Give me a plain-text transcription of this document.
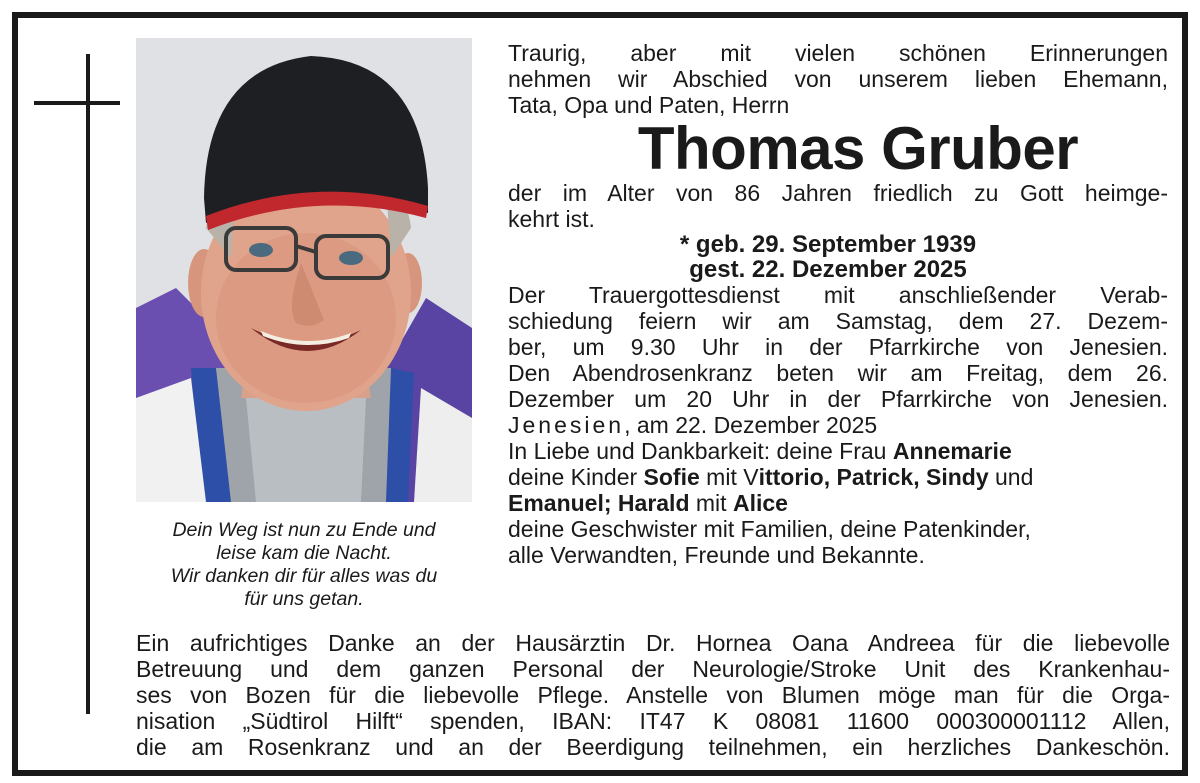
Dein Weg ist nun zu Ende und
leise kam die Nacht.
Wir danken dir für alles was du
für uns getan.
Traurig, aber mit vielen schönen Erinnerungen
nehmen wir Abschied von unserem lieben Ehemann,
Tata, Opa und Paten, Herrn
Thomas Gruber
der im Alter von 86 Jahren friedlich zu Gott heimge-
kehrt ist.
* geb. 29. September 1939
gest. 22. Dezember 2025
Der Trauergottesdienst mit anschließender Verab-
schiedung feiern wir am Samstag, dem 27. Dezem-
ber, um 9.30 Uhr in der Pfarrkirche von Jenesien.
Den Abendrosenkranz beten wir am Freitag, dem 26.
Dezember um 20 Uhr in der Pfarrkirche von Jenesien.
Jenesien, am 22. Dezember 2025
In Liebe und Dankbarkeit: deine Frau Annemarie
deine Kinder Sofie mit Vittorio, Patrick, Sindy und
Emanuel; Harald mit Alice
deine Geschwister mit Familien, deine Patenkinder,
alle Verwandten, Freunde und Bekannte.
Ein aufrichtiges Danke an der Hausärztin Dr. Hornea Oana Andreea für die liebevolle
Betreuung und dem ganzen Personal der Neurologie/Stroke Unit des Krankenhau-
ses von Bozen für die liebevolle Pflege. Anstelle von Blumen möge man für die Orga-
nisation „Südtirol Hilft“ spenden, IBAN: IT47 K 08081 11600 000300001112 Allen,
die am Rosenkranz und an der Beerdigung teilnehmen, ein herzliches Dankeschön.
